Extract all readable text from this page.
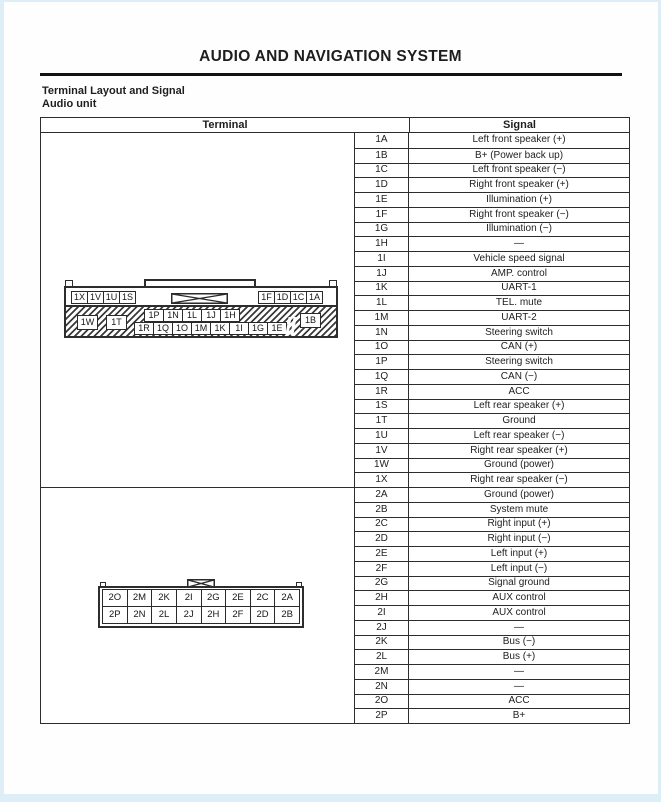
AUDIO AND NAVIGATION SYSTEM
Terminal Layout and Signal
Audio unit
Terminal	Signal
1X 1V 1U 1S	1F 1D 1C 1A
1W	1T
1P 1N 1L	1J 1H
1R 1Q 1O 1M 1K	1I	1G 1E
1B
2O	2M	2K	2I	2G	2E	2C	2A
2P	2N	2L	2J	2H	2F	2D	2B
1A	Left front speaker (+)
1B	B+ (Power back up)
1C	Left front speaker (−)
1D	Right front speaker (+)
1E	Illumination (+)
1F	Right front speaker (−)
1G	Illumination (−)
1H	—
1I	Vehicle speed signal
1J	AMP. control
1K	UART-1
1L	TEL. mute
1M	UART-2
1N	Steering switch
1O	CAN (+)
1P	Steering switch
1Q	CAN (−)
1R	ACC
1S	Left rear speaker (+)
1T	Ground
1U	Left rear speaker (−)
1V	Right rear speaker (+)
1W	Ground (power)
1X	Right rear speaker (−)
2A	Ground (power)
2B	System mute
2C	Right input (+)
2D	Right input (−)
2E	Left input (+)
2F	Left input (−)
2G	Signal ground
2H	AUX control
2I	AUX control
2J	—
2K	Bus (−)
2L	Bus (+)
2M	—
2N	—
2O	ACC
2P	B+
